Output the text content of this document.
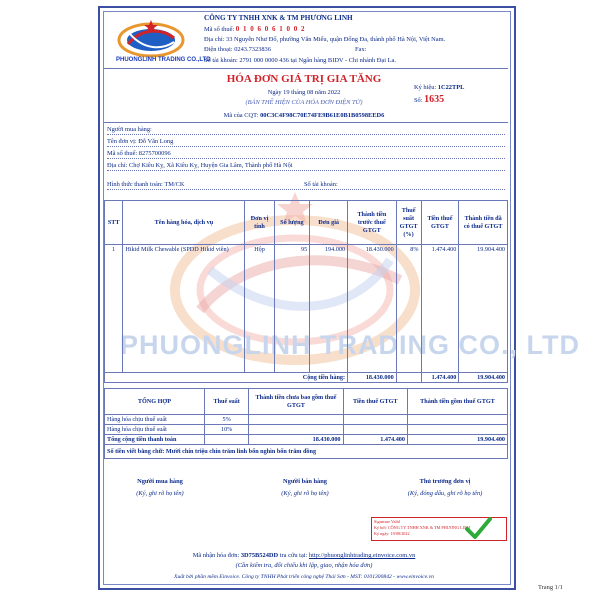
PHUONGLINH TRADING CO., LTD
PHUONGLINH TRADING CO.,LTD
CÔNG TY TNHH XNK & TM PHƯƠNG LINH
Mã số thuế: 0 1 0 6 0 6 1 0 0 2
Địa chỉ: 33 Nguyễn Như Đổ, phường Văn Miếu, quận Đống Đa, thành phố Hà Nội, Việt Nam.
Điện thoại: 0243.7323836	Fax:
Số tài khoản: 2791 000 0000 436 tại Ngân hàng BIDV - Chi nhánh Đại La.
HÓA ĐƠN GIÁ TRỊ GIA TĂNG
Ngày 19 tháng 08 năm 2022
(BẢN THỂ HIỆN CỦA HÓA ĐƠN ĐIỆN TỬ)
Mã của CQT: 00C3C4F98C70E74FE9B61E0B1B0598EED6
Ký hiệu: 1C22TPL
Số: 1635
Người mua hàng:
Tên đơn vị: Đỗ Văn Long
Mã số thuế: 8275700096
Địa chỉ: Chợ Kiêu Kỵ, Xã Kiêu Kỵ, Huyện Gia Lâm, Thành phố Hà Nội
Hình thức thanh toán: TM/CK	Số tài khoản:
STT	Tên hàng hóa, dịch vụ	Đơn vị tính	Số lượng	Đơn giá	Thành tiền trước thuế GTGT	Thuế suất GTGT (%)	Tiền thuế GTGT	Thành tiền đã có thuế GTGT
1	Hikid Milk Chewable (SPDD Hikid viên)	Hộp	95	194.000	18.430.000	8%	1.474.400	19.904.400
Cộng tiền hàng:					18.430.000		1.474.400	19.904.400
TỔNG HỢP	Thuế suất	Thành tiền chưa bao gồm thuế GTGT	Tiền thuế GTGT	Thành tiền gồm thuế GTGT
Hàng hóa chịu thuế suất	5%			
Hàng hóa chịu thuế suất	10%			
Tổng cộng tiền thanh toán		18.430.000	1.474.400	19.904.400
Số tiền viết bằng chữ: Mười chín triệu chín trăm linh bốn nghìn bốn trăm đồng				
Người mua hàng
(Ký, ghi rõ họ tên)
Người bán hàng
(Ký, ghi rõ họ tên)
Thủ trưởng đơn vị
(Ký, đóng dấu, ghi rõ họ tên)
Signature Valid
Ký bởi: CÔNG TY TNHH XNK & TM PHƯƠNG LINH
Ký ngày: 19/08/2022
Mã nhận hóa đơn: 3D75B524DD tra cứu tại: http://phuonglinhtrading.einvoice.com.vn
(Cần kiểm tra, đối chiếu khi lập, giao, nhận hóa đơn)
Xuất bởi phần mềm Einvoice. Công ty TNHH Phát triển công nghệ Thái Sơn - MST: 0101300842 - www.einvoice.vn
Trang 1/1
